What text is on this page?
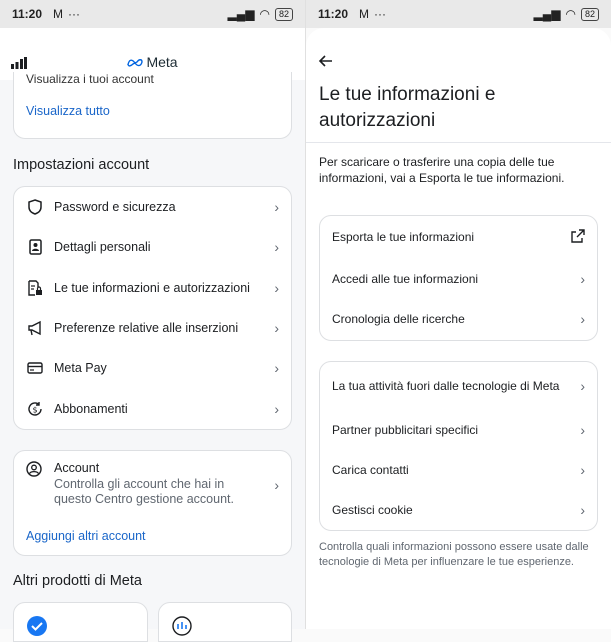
11:20 M ···	▂▄▆ ◠	82
Meta
Visualizza i tuoi account
Visualizza tutto
Impostazioni account
Password e sicurezza	›
Dettagli personali	›
Le tue informazioni e autorizzazioni	›
Preferenze relative alle inserzioni	›
Meta Pay	›
$ Abbonamenti	›
Account
Controlla gli account che hai in questo Centro gestione account.
›
Aggiungi altri account
Altri prodotti di Meta
11:20 M ···	▂▄▆ ◠	82
Le tue informazioni e autorizzazioni
Per scaricare o trasferire una copia delle tue informazioni, vai a Esporta le tue informazioni.
Esporta le tue informazioni
Accedi alle tue informazioni	›
Cronologia delle ricerche	›
La tua attività fuori dalle tecnologie di Meta	›
Partner pubblicitari specifici	›
Carica contatti	›
Gestisci cookie	›
Controlla quali informazioni possono essere usate dalle tecnologie di Meta per influenzare le tue esperienze.
